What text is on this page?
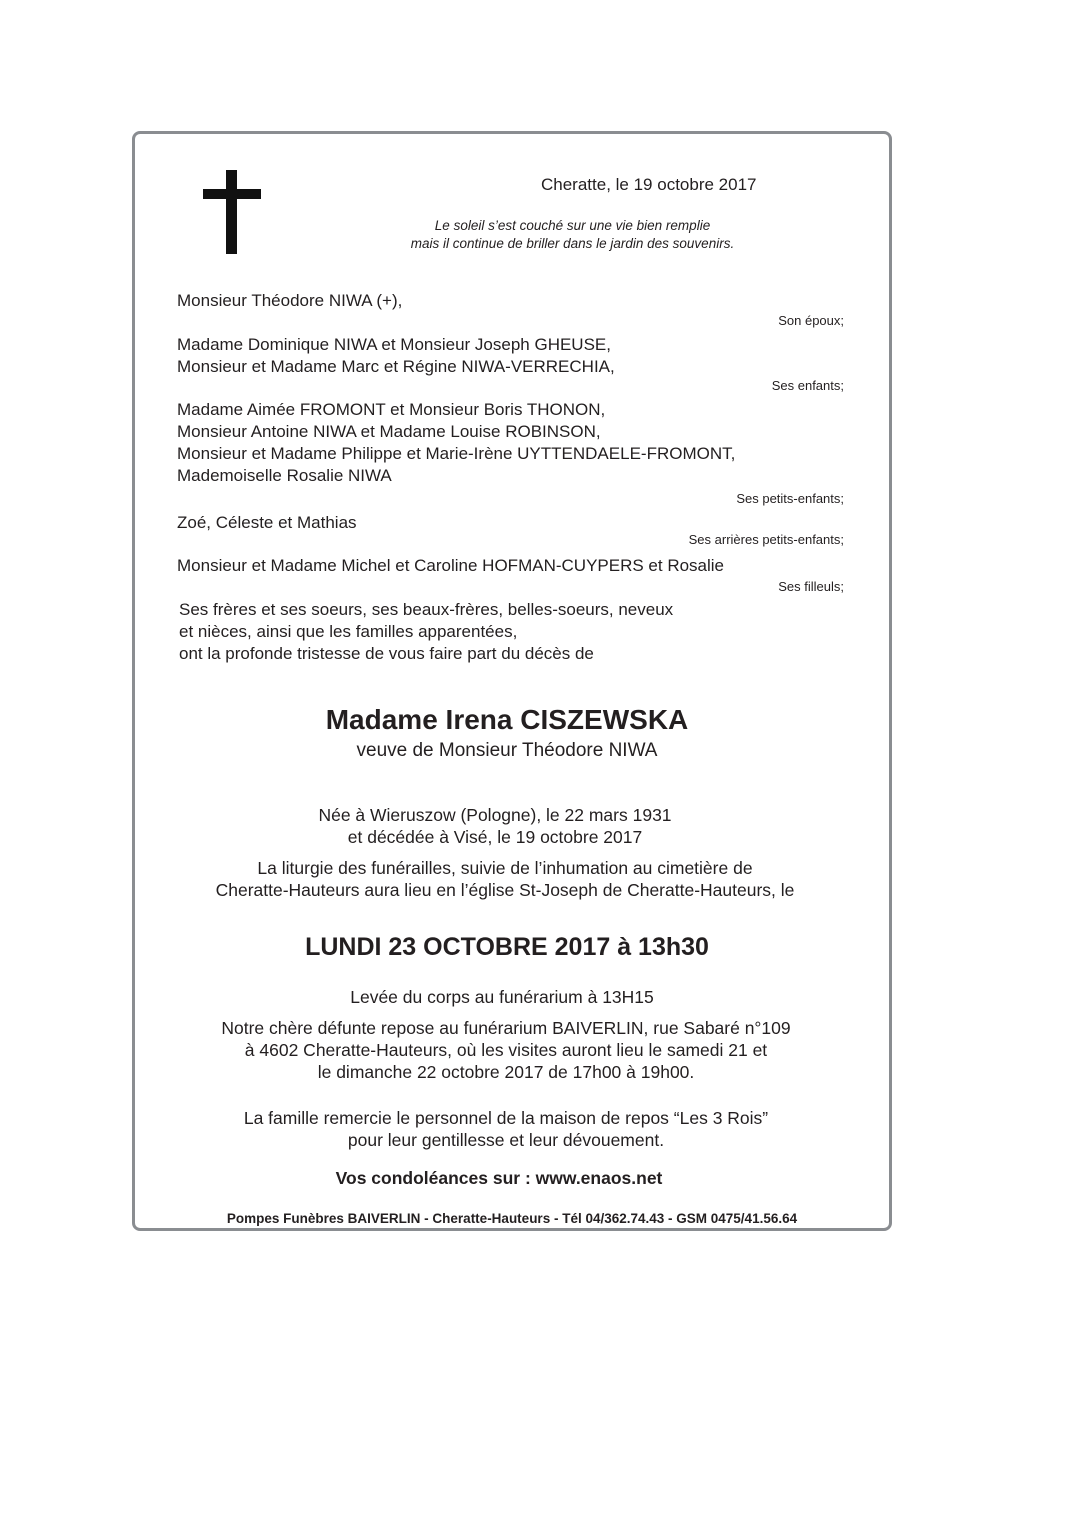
Cheratte, le 19 octobre 2017
Le soleil s’est couché sur une vie bien remplie
mais il continue de briller dans le jardin des souvenirs.
Monsieur Théodore NIWA (+),
Son époux;
Madame Dominique NIWA et Monsieur Joseph GHEUSE,
Monsieur et Madame Marc et Régine NIWA-VERRECHIA,
Ses enfants;
Madame Aimée FROMONT et Monsieur Boris THONON,
Monsieur Antoine NIWA et Madame Louise ROBINSON,
Monsieur et Madame Philippe et Marie-Irène UYTTENDAELE-FROMONT,
Mademoiselle Rosalie NIWA
Ses petits-enfants;
Zoé, Céleste et Mathias
Ses arrières petits-enfants;
Monsieur et Madame Michel et Caroline HOFMAN-CUYPERS et Rosalie
Ses filleuls;
Ses frères et ses soeurs, ses beaux-frères, belles-soeurs, neveux
et nièces, ainsi que les familles apparentées,
ont la profonde tristesse de vous faire part du décès de
Madame Irena CISZEWSKA
veuve de Monsieur Théodore NIWA
Née à Wieruszow (Pologne), le 22 mars 1931
et décédée à Visé, le 19 octobre 2017
La liturgie des funérailles, suivie de l’inhumation au cimetière de
Cheratte-Hauteurs aura lieu en l’église St-Joseph de Cheratte-Hauteurs, le
LUNDI 23 OCTOBRE 2017 à 13h30
Levée du corps au funérarium à 13H15
Notre chère défunte repose au funérarium BAIVERLIN, rue Sabaré n°109
à 4602 Cheratte-Hauteurs, où les visites auront lieu le samedi 21 et
le dimanche 22 octobre 2017 de 17h00 à 19h00.
La famille remercie le personnel de la maison de repos “Les 3 Rois”
pour leur gentillesse et leur dévouement.
Vos condoléances sur : www.enaos.net
Pompes Funèbres BAIVERLIN - Cheratte-Hauteurs - Tél 04/362.74.43 - GSM 0475/41.56.64
